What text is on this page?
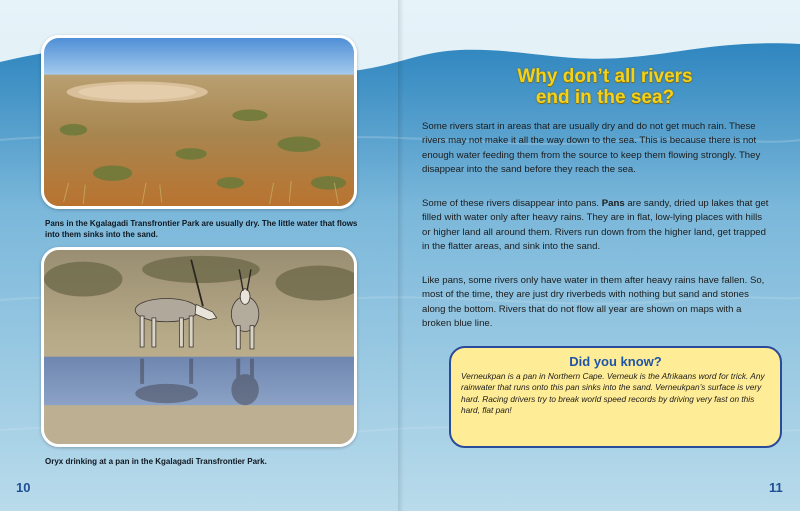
Pans in the Kgalagadi Transfrontier Park are usually dry. The little water that flows into them sinks into the sand.
Oryx drinking at a pan in the Kgalagadi Transfrontier Park.
10
Why don’t all rivers
end in the sea?

Some rivers start in areas that are usually dry and do not get much rain. These rivers may not make it all the way down to the sea. This is because there is not enough water feeding them from the source to keep them flowing strongly. They disappear into the sand before they reach the sea.

Some of these rivers disappear into pans. Pans are sandy, dried up lakes that get filled with water only after heavy rains. They are in flat, low-lying places with hills or higher land all around them. Rivers run down from the higher land, get trapped in the flatter areas, and sink into the sand.

Like pans, some rivers only have water in them after heavy rains have fallen. So, most of the time, they are just dry riverbeds with nothing but sand and stones along the bottom. Rivers that do not flow all year are shown on maps with a broken blue line.

Did you know?
Verneukpan is a pan in Northern Cape. Verneuk is the Afrikaans word for trick. Any rainwater that runs onto this pan sinks into the sand. Verneukpan’s surface is very hard. Racing drivers try to break world speed records by driving very fast on this hard, flat pan!
11
